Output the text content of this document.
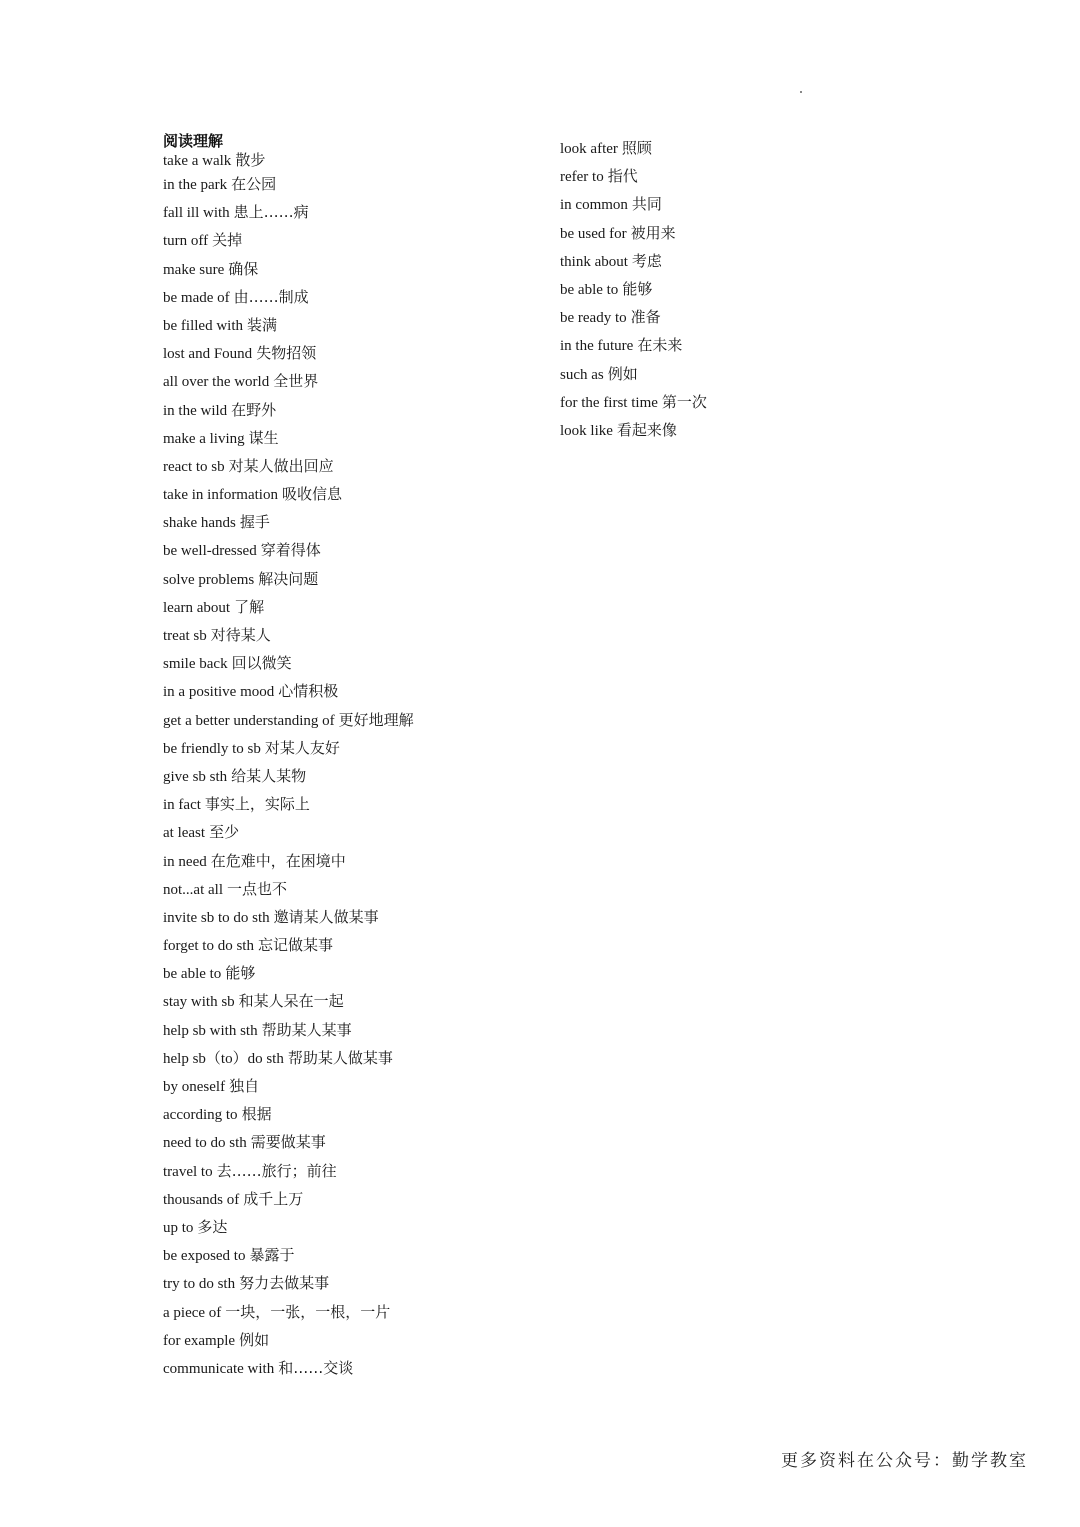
阅读理解
take a walk 散步
in the park 在公园
fall ill with 患上……病
turn off 关掉
make sure 确保
be made of 由……制成
be filled with 装满
lost and Found 失物招领
all over the world 全世界
in the wild 在野外
make a living 谋生
react to sb 对某人做出回应
take in information 吸收信息
shake hands 握手
be well-dressed 穿着得体
solve problems 解决问题
learn about 了解
treat sb 对待某人
smile back 回以微笑
in a positive mood 心情积极
get a better understanding of 更好地理解
be friendly to sb 对某人友好
give sb sth 给某人某物
in fact 事实上，实际上
at least 至少
in need 在危难中，在困境中
not...at all 一点也不
invite sb to do sth 邀请某人做某事
forget to do sth 忘记做某事
be able to 能够
stay with sb 和某人呆在一起
help sb with sth 帮助某人某事
help sb（to）do sth 帮助某人做某事
by oneself 独自
according to 根据
need to do sth 需要做某事
travel to 去……旅行；前往
thousands of 成千上万
up to 多达
be exposed to 暴露于
try to do sth 努力去做某事
a piece of 一块，一张，一根，一片
for example 例如
communicate with 和……交谈
look after 照顾
refer to 指代
in common 共同
be used for 被用来
think about 考虑
be able to 能够
be ready to 准备
in the future 在未来
such as 例如
for the first time 第一次
look like 看起来像
更多资料在公众号：勤学教室
